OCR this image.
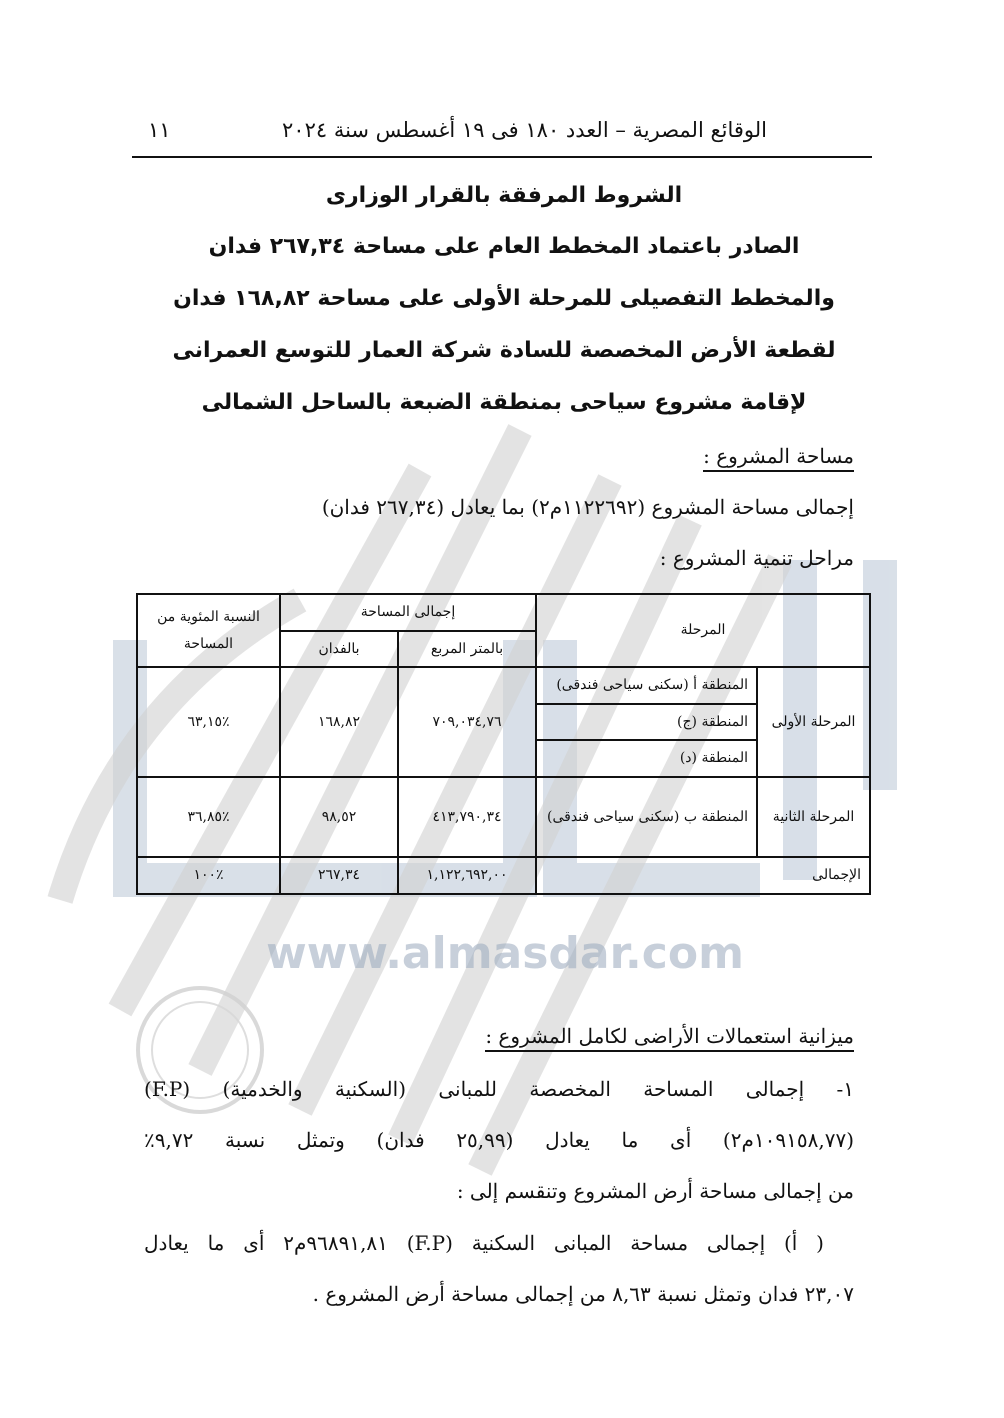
www.almasdar.com
الوقائع المصرية – العدد ١٨٠ فى ١٩ أغسطس سنة ٢٠٢٤
١١
الشروط المرفقة بالقرار الوزارى
الصادر باعتماد المخطط العام على مساحة ٢٦٧,٣٤ فدان
والمخطط التفصيلى للمرحلة الأولى على مساحة ١٦٨,٨٢ فدان
لقطعة الأرض المخصصة للسادة شركة العمار للتوسع العمرانى
لإقامة مشروع سياحى بمنطقة الضبعة بالساحل الشمالى
مساحة المشروع :
إجمالى مساحة المشروع (١١٢٢٦٩٢م٢) بما يعادل (٢٦٧,٣٤ فدان)
مراحل تنمية المشروع :
المرحلة		إجمالى المساحة		النسبة المئوية من المساحة
		بالمتر المربع	بالفدان	
المرحلة الأولى	المنطقة أ (سكنى سياحى فندقى)	٧٠٩,٠٣٤,٧٦	١٦٨,٨٢	٦٣,١٥٪
	المنطقة (ج)			
	المنطقة (د)			
المرحلة الثانية	المنطقة ب (سكنى سياحى فندقى)	٤١٣,٧٩٠,٣٤	٩٨,٥٢	٣٦,٨٥٪
الإجمالى		١,١٢٢,٦٩٢,٠٠	٢٦٧,٣٤	١٠٠٪
ميزانية استعمالات الأراضى لكامل المشروع :
١- إجمالى المساحة المخصصة للمبانى (السكنية والخدمية) (F.P)
(١٠٩١٥٨,٧٧م٢) أى ما يعادل (٢٥,٩٩ فدان) وتمثل نسبة ٩,٧٢٪
من إجمالى مساحة أرض المشروع وتنقسم إلى :
( أ) إجمالى مساحة المبانى السكنية (F.P) ٩٦٨٩١,٨١م٢ أى ما يعادل
٢٣,٠٧ فدان وتمثل نسبة ٨,٦٣ من إجمالى مساحة أرض المشروع .
